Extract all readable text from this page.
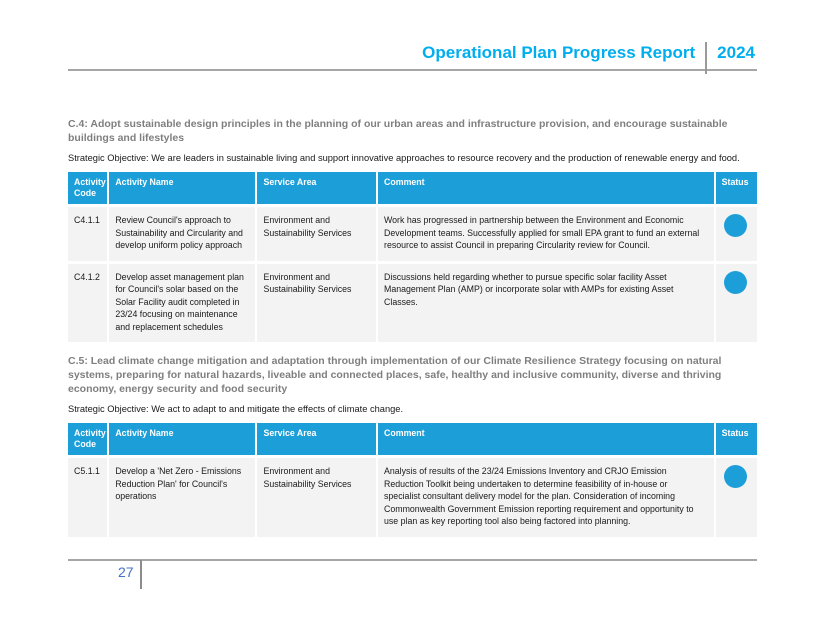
Operational Plan Progress Report 2024
C.4: Adopt sustainable design principles in the planning of our urban areas and infrastructure provision, and encourage sustainable buildings and lifestyles
Strategic Objective: We are leaders in sustainable living and support innovative approaches to resource recovery and the production of renewable energy and food.
Activity Code	Activity Name	Service Area	Comment	Status
C4.1.1	Review Council's approach to Sustainability and Circularity and develop uniform policy approach	Environment and Sustainability Services	Work has progressed in partnership between the Environment and Economic Development teams. Successfully applied for small EPA grant to fund an external resource to assist Council in preparing Circularity review for Council.	
C4.1.2	Develop asset management plan for Council's solar based on the Solar Facility audit completed in 23/24 focusing on maintenance and replacement schedules	Environment and Sustainability Services	Discussions held regarding whether to pursue specific solar facility Asset Management Plan (AMP) or incorporate solar with AMPs for existing Asset Classes.	
C.5: Lead climate change mitigation and adaptation through implementation of our Climate Resilience Strategy focusing on natural systems, preparing for natural hazards, liveable and connected places, safe, healthy and inclusive community, diverse and thriving economy, energy security and food security
Strategic Objective: We act to adapt to and mitigate the effects of climate change.
Activity Code	Activity Name	Service Area	Comment	Status
C5.1.1	Develop a 'Net Zero - Emissions Reduction Plan' for Council's operations	Environment and Sustainability Services	Analysis of results of the 23/24 Emissions Inventory and CRJO Emission Reduction Toolkit being undertaken to determine feasibility of in-house or specialist consultant delivery model for the plan. Consideration of incoming Commonwealth Government Emission reporting requirement and opportunity to use plan as key reporting tool also being factored into planning.	
27
